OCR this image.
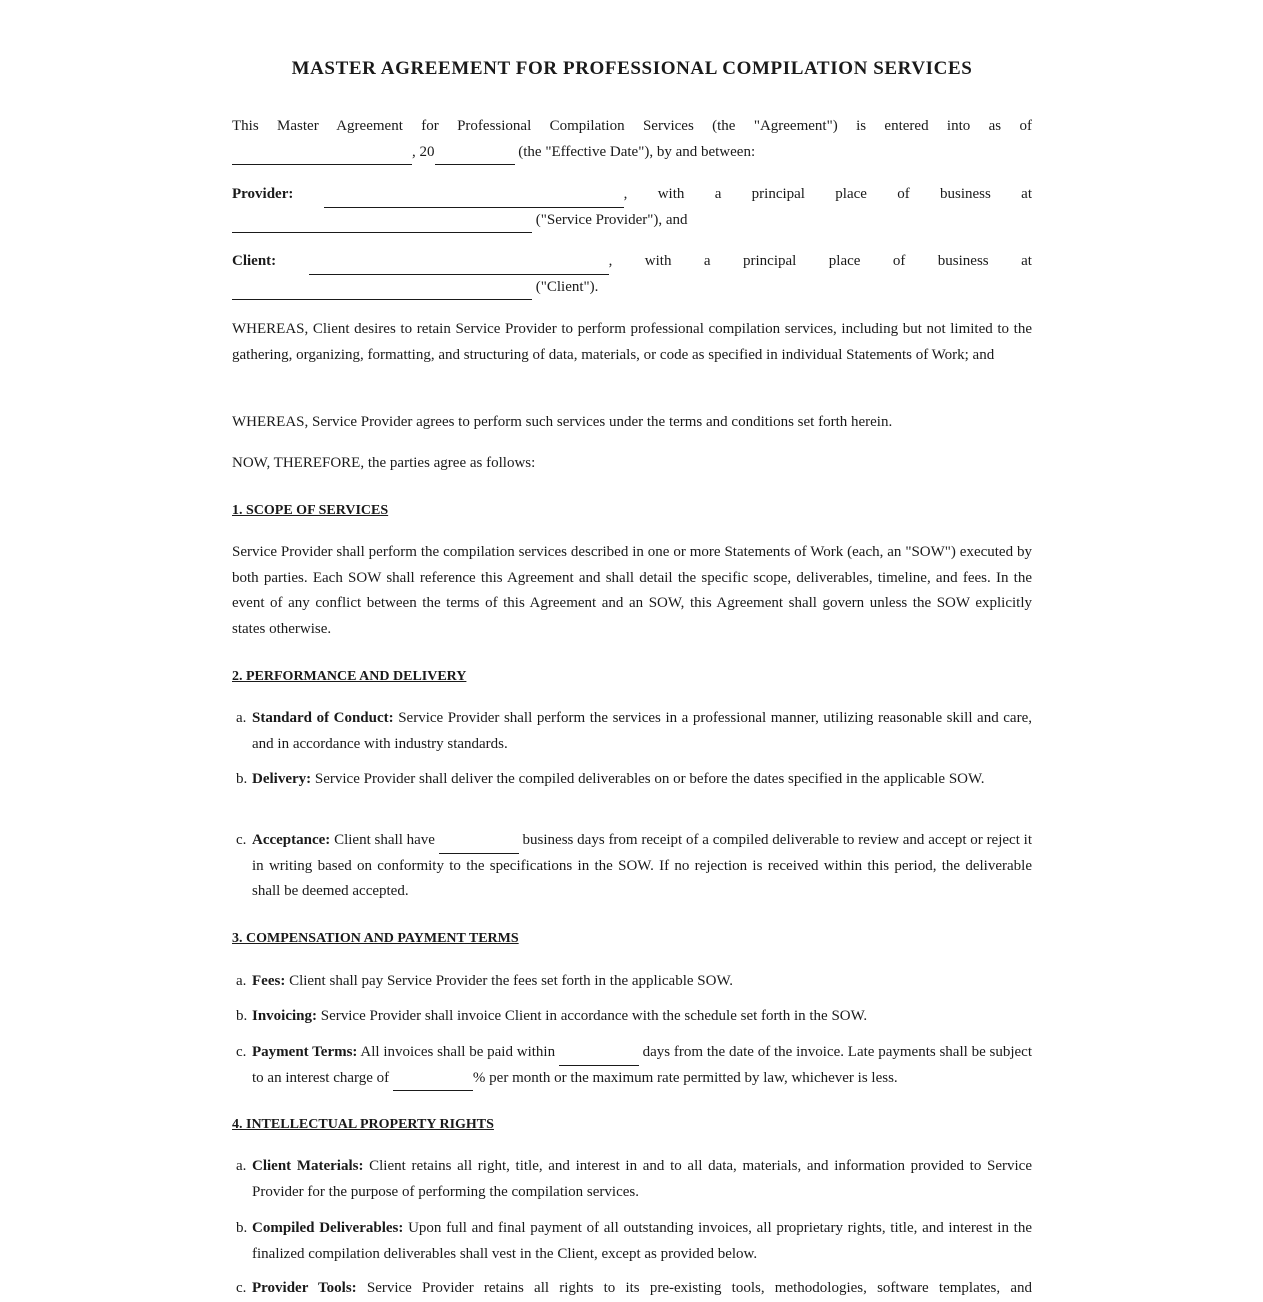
MASTER AGREEMENT FOR PROFESSIONAL COMPILATION SERVICES
This Master Agreement for Professional Compilation Services (the "Agreement") is entered into as of
, 20	(the "Effective Date"), by and between:
Provider:	, with a principal place of business at
("Service Provider"), and
Client:	, with a principal place of business at
("Client").
WHEREAS, Client desires to retain Service Provider to perform professional compilation services, including but not limited to the gathering, organizing, formatting, and structuring of data, materials, or code as specified in individual Statements of Work; and
WHEREAS, Service Provider agrees to perform such services under the terms and conditions set forth herein.
NOW, THEREFORE, the parties agree as follows:
1. SCOPE OF SERVICES
Service Provider shall perform the compilation services described in one or more Statements of Work (each, an "SOW") executed by both parties. Each SOW shall reference this Agreement and shall detail the specific scope, deliverables, timeline, and fees. In the event of any conflict between the terms of this Agreement and an SOW, this Agreement shall govern unless the SOW explicitly states otherwise.
2. PERFORMANCE AND DELIVERY
a. Standard of Conduct: Service Provider shall perform the services in a professional manner, utilizing reasonable skill and care, and in accordance with industry standards.
b. Delivery: Service Provider shall deliver the compiled deliverables on or before the dates specified in the applicable SOW.
c. Acceptance: Client shall have	business days from receipt of a compiled deliverable to review and accept or reject it in writing based on conformity to the specifications in the SOW. If no rejection is received within this period, the deliverable shall be deemed accepted.
3. COMPENSATION AND PAYMENT TERMS
a. Fees: Client shall pay Service Provider the fees set forth in the applicable SOW.
b. Invoicing: Service Provider shall invoice Client in accordance with the schedule set forth in the SOW.
c. Payment Terms: All invoices shall be paid within	days from the date of the invoice. Late payments shall be subject to an interest charge of	% per month or the maximum rate permitted by law, whichever is less.
4. INTELLECTUAL PROPERTY RIGHTS
a. Client Materials: Client retains all right, title, and interest in and to all data, materials, and information provided to Service Provider for the purpose of performing the compilation services.
b. Compiled Deliverables: Upon full and final payment of all outstanding invoices, all proprietary rights, title, and interest in the finalized compilation deliverables shall vest in the Client, except as provided below.
c. Provider Tools: Service Provider retains all rights to its pre-existing tools, methodologies, software templates, and
